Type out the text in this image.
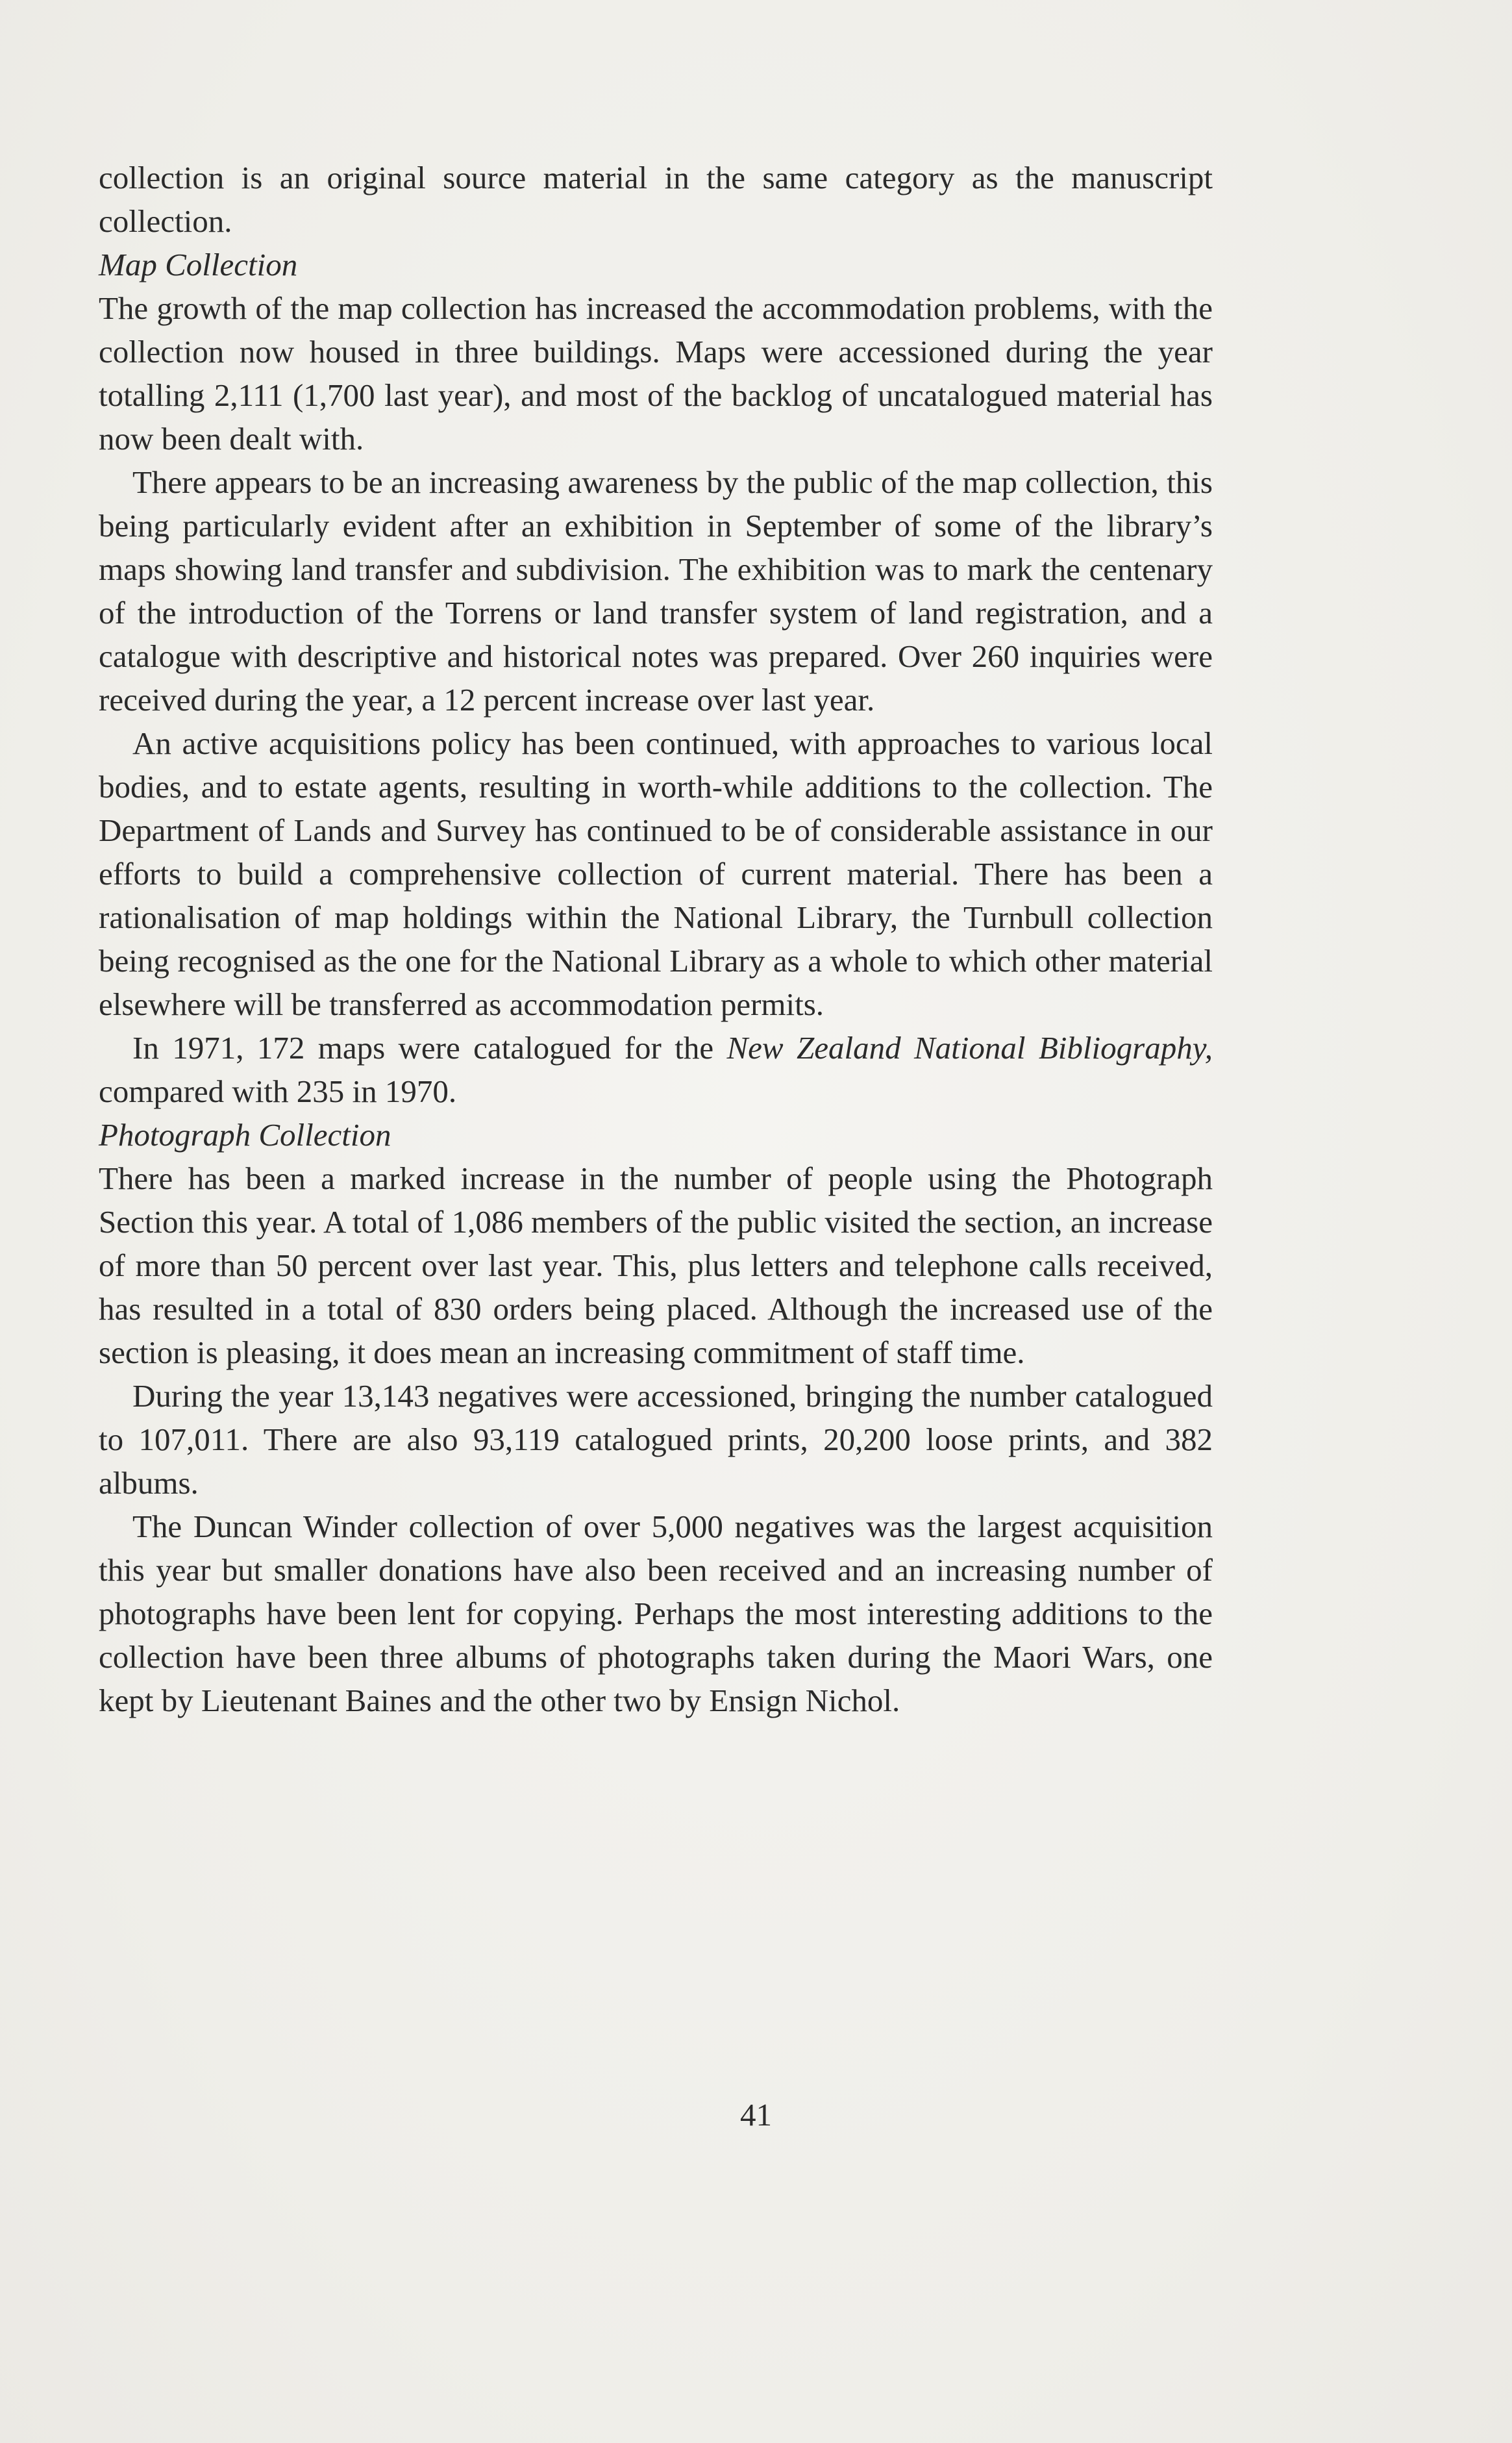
collection is an original source material in the same category as the manuscript collection.

Map Collection

The growth of the map collection has increased the accommodation problems, with the collection now housed in three buildings. Maps were accessioned during the year totalling 2,111 (1,700 last year), and most of the backlog of uncatalogued material has now been dealt with.

There appears to be an increasing awareness by the public of the map collection, this being particularly evident after an exhibition in September of some of the library’s maps showing land transfer and subdivision. The exhibition was to mark the centenary of the introduction of the Torrens or land transfer system of land registration, and a catalogue with descriptive and historical notes was prepared. Over 260 inquiries were received during the year, a 12 percent increase over last year.

An active acquisitions policy has been continued, with approaches to various local bodies, and to estate agents, resulting in worth-while additions to the collection. The Department of Lands and Survey has continued to be of considerable assistance in our efforts to build a comprehensive collection of current material. There has been a rationalisation of map holdings within the National Library, the Turnbull collection being recognised as the one for the National Library as a whole to which other material elsewhere will be transferred as accommodation permits.

In 1971, 172 maps were catalogued for the New Zealand National Bibliography, compared with 235 in 1970.

Photograph Collection

There has been a marked increase in the number of people using the Photograph Section this year. A total of 1,086 members of the public visited the section, an increase of more than 50 percent over last year. This, plus letters and telephone calls received, has resulted in a total of 830 orders being placed. Although the increased use of the section is pleasing, it does mean an increasing commitment of staff time.

During the year 13,143 negatives were accessioned, bringing the number catalogued to 107,011. There are also 93,119 catalogued prints, 20,200 loose prints, and 382 albums.

The Duncan Winder collection of over 5,000 negatives was the largest acquisition this year but smaller donations have also been received and an increasing number of photographs have been lent for copying. Perhaps the most interesting additions to the collection have been three albums of photographs taken during the Maori Wars, one kept by Lieutenant Baines and the other two by Ensign Nichol.

41
